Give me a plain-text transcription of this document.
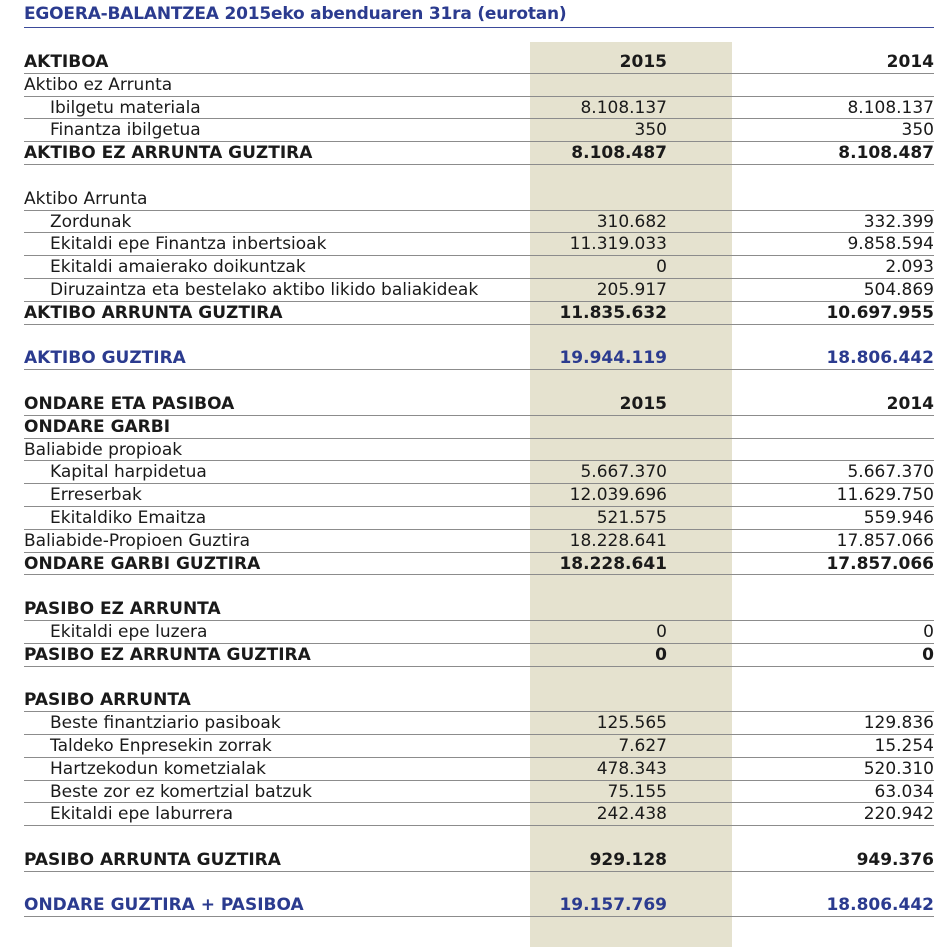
EGOERA-BALANTZEA 2015eko abenduaren 31ra (eurotan)
AKTIBOA	2015	2014
Aktibo ez Arrunta
Ibilgetu materiala	8.108.137	8.108.137
Finantza ibilgetua	350	350
AKTIBO EZ ARRUNTA GUZTIRA	8.108.487	8.108.487
Aktibo Arrunta
Zordunak	310.682	332.399
Ekitaldi epe Finantza inbertsioak	11.319.033	9.858.594
Ekitaldi amaierako doikuntzak	0	2.093
Diruzaintza eta bestelako aktibo likido baliakideak	205.917	504.869
AKTIBO ARRUNTA GUZTIRA	11.835.632	10.697.955
AKTIBO GUZTIRA	19.944.119	18.806.442
ONDARE ETA PASIBOA	2015	2014
ONDARE GARBI
Baliabide propioak
Kapital harpidetua	5.667.370	5.667.370
Erreserbak	12.039.696	11.629.750
Ekitaldiko Emaitza	521.575	559.946
Baliabide-Propioen Guztira	18.228.641	17.857.066
ONDARE GARBI GUZTIRA	18.228.641	17.857.066
PASIBO EZ ARRUNTA
Ekitaldi epe luzera	0	0
PASIBO EZ ARRUNTA GUZTIRA	0	0
PASIBO ARRUNTA
Beste finantziario pasiboak	125.565	129.836
Taldeko Enpresekin zorrak	7.627	15.254
Hartzekodun kometzialak	478.343	520.310
Beste zor ez komertzial batzuk	75.155	63.034
Ekitaldi epe laburrera	242.438	220.942
PASIBO ARRUNTA GUZTIRA	929.128	949.376
ONDARE GUZTIRA + PASIBOA	19.157.769	18.806.442
